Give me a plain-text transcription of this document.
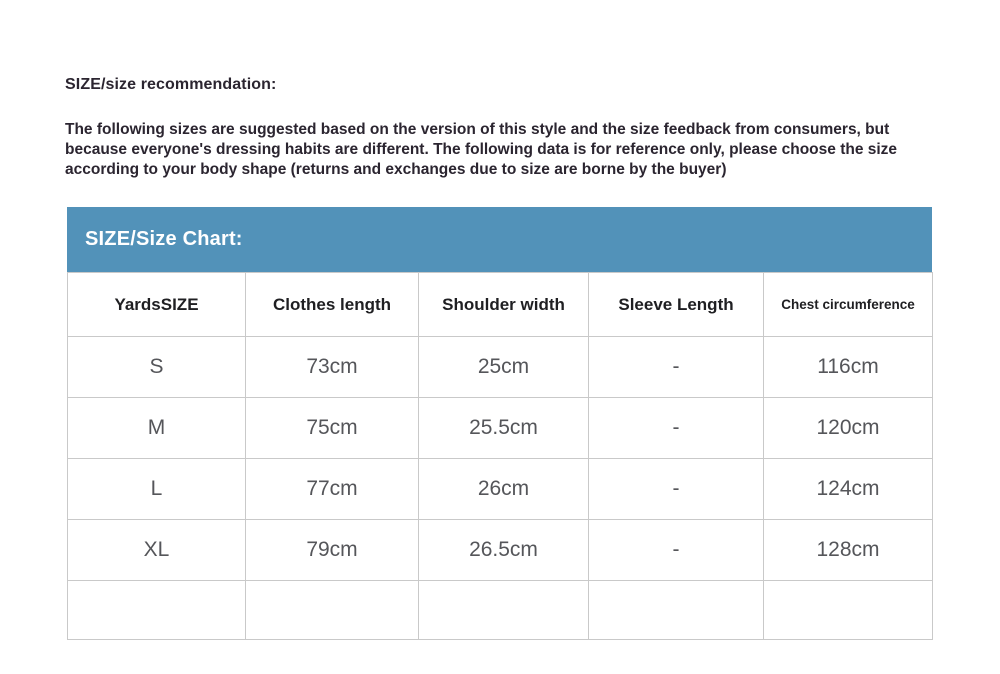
SIZE/size recommendation:
The following sizes are suggested based on the version of this style and the size feedback from consumers, but because everyone's dressing habits are different. The following data is for reference only, please choose the size according to your body shape (returns and exchanges due to size are borne by the buyer)
SIZE/Size Chart:
YardsSIZE	Clothes length	Shoulder width	Sleeve Length	Chest circumference
S	73cm	25cm	-	116cm
M	75cm	25.5cm	-	120cm
L	77cm	26cm	-	124cm
XL	79cm	26.5cm	-	128cm
